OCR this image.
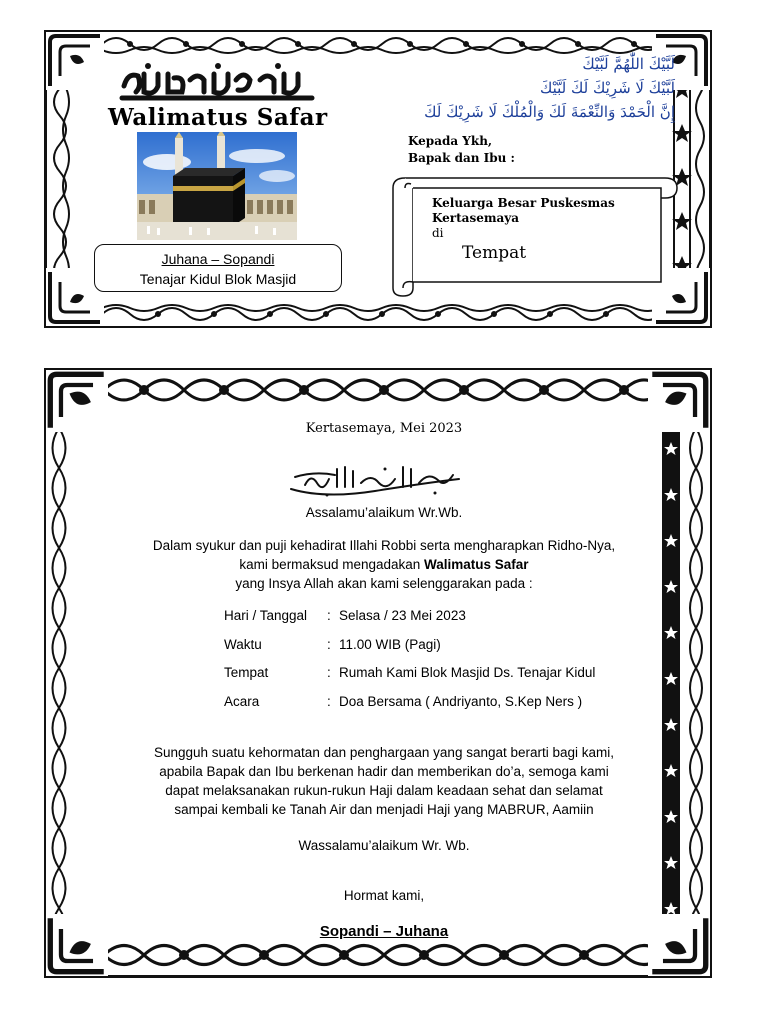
Walimatus Safar
Juhana – Sopandi
Tenajar Kidul Blok Masjid
لَبَّيْكَ اللّٰهُمَّ لَبَّيْكَ
لَبَّيْكَ لَا شَرِيْكَ لَكَ لَبَّيْكَ
إِنَّ الْحَمْدَ وَالنِّعْمَةَ لَكَ وَالْمُلْكَ لَا شَرِيْكَ لَكَ
Kepada Ykh,
Bapak dan Ibu :
Keluarga Besar Puskesmas
Kertasemaya
di
Tempat
Kertasemaya, Mei 2023
Assalamu’alaikum Wr.Wb.
Dalam syukur dan puji kehadirat Illahi Robbi serta mengharapkan Ridho-Nya,
kami bermaksud mengadakan Walimatus Safar
yang Insya Allah akan kami selenggarakan pada :
Hari / Tanggal : Selasa / 23 Mei 2023
Waktu	: 11.00 WIB (Pagi)
Tempat	: Rumah Kami Blok Masjid Ds. Tenajar Kidul
Acara	: Doa Bersama ( Andriyanto, S.Kep Ners )
Sungguh suatu kehormatan dan penghargaan yang sangat berarti bagi kami,
apabila Bapak dan Ibu berkenan hadir dan memberikan do’a, semoga kami
dapat melaksanakan rukun-rukun Haji dalam keadaan sehat dan selamat
sampai kembali ke Tanah Air dan menjadi Haji yang MABRUR, Aamiin
Wassalamu’alaikum Wr. Wb.
Hormat kami,
Sopandi – Juhana
